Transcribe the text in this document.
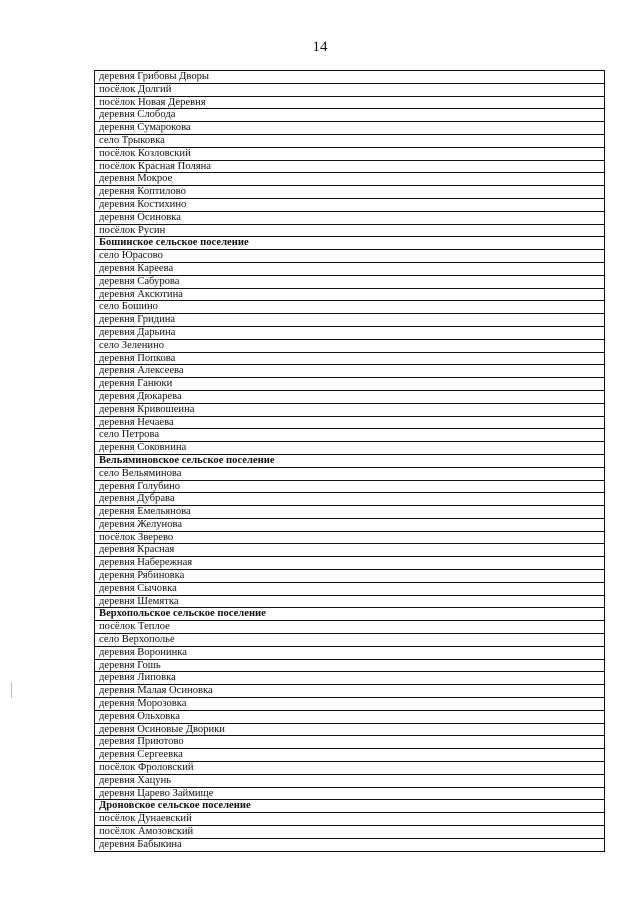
14
деревня Грибовы Дворы
посёлок Долгий
посёлок Новая Деревня
деревня Слобода
деревня Сумарокова
село Трыковка
посёлок Козловский
посёлок Красная Поляна
деревня Мокрое
деревня Коптилово
деревня Костихино
деревня Осиновка
посёлок Русин
Бошинское сельское поселение
село Юрасово
деревня Кареева
деревня Сабурова
деревня Аксютина
село Бошино
деревня Гридина
деревня Дарьина
село Зеленино
деревня Попкова
деревня Алексеева
деревня Ганюки
деревня Дюкарева
деревня Кривошеина
деревня Нечаева
село Петрова
деревня Соковнина
Вельяминовское сельское поселение
село Вельяминова
деревня Голубино
деревня Дубрава
деревня Емельянова
деревня Желунова
посёлок Зверево
деревня Красная
деревня Набережная
деревня Рябиновка
деревня Сычовка
деревня Шемятка
Верхопольское сельское поселение
посёлок Теплое
село Верхополье
деревня Воронинка
деревня Гошь
деревня Липовка
деревня Малая Осиновка
деревня Морозовка
деревня Ольховка
деревня Осиновые Дворики
деревня Приютово
деревня Сергеевка
посёлок Фроловский
деревня Хацунь
деревня Царево Займище
Дроновское сельское поселение
посёлок Дунаевский
посёлок Амозовский
деревня Бабыкина
